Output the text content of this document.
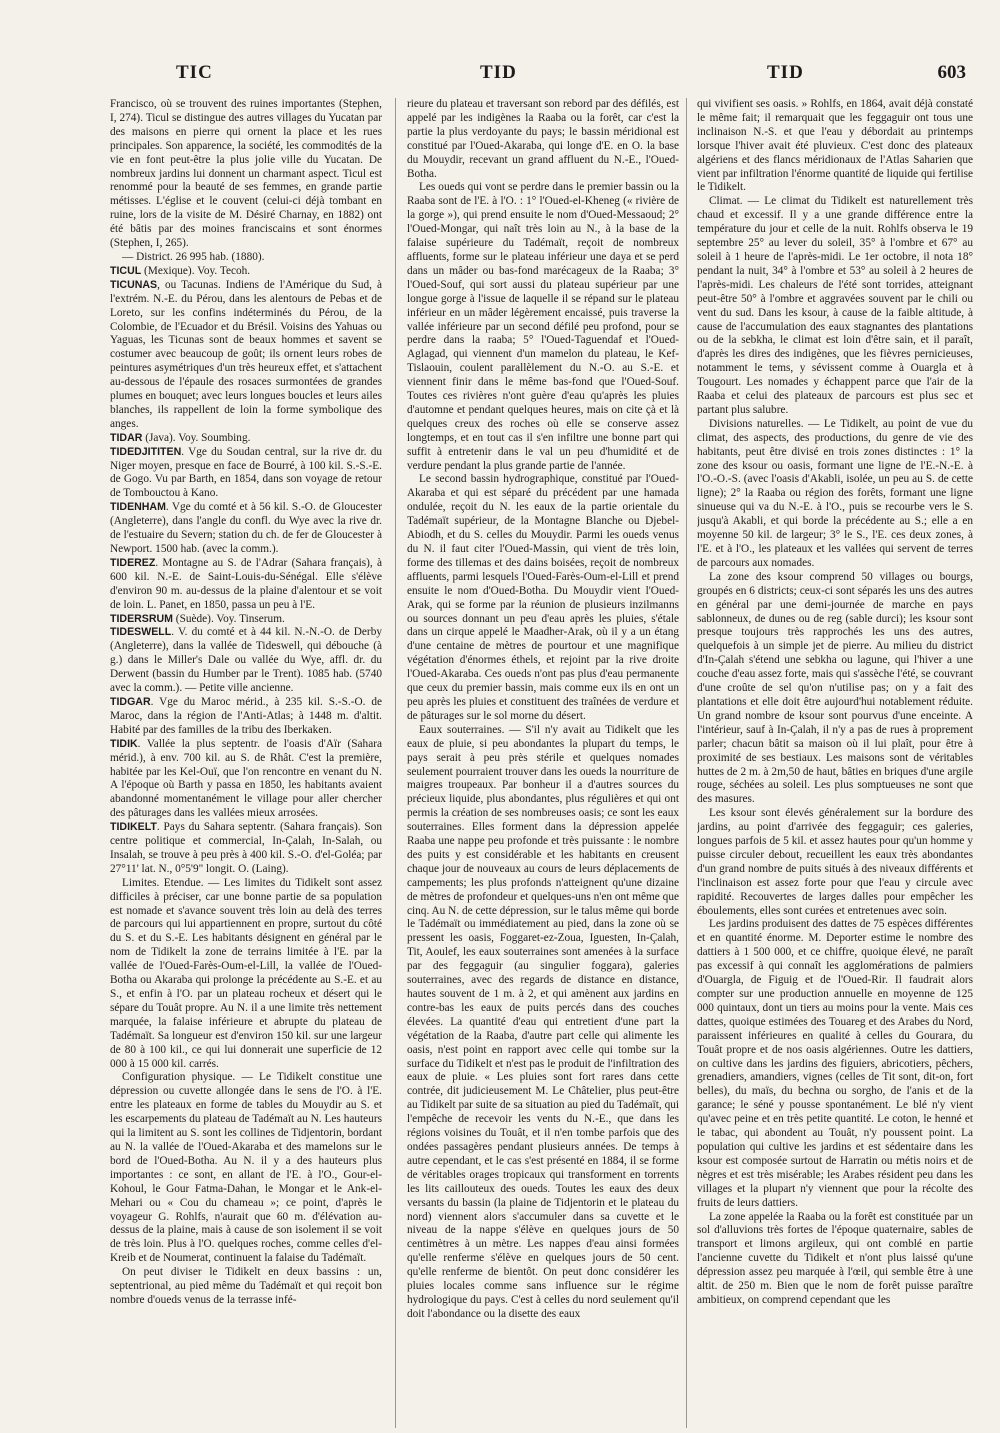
TIC	TID	TID	603

Francisco, où se trouvent des ruines importantes (Stephen, I, 274). Ticul se distingue des autres villages du Yucatan par des maisons en pierre qui ornent la place et les rues principales. Son apparence, la société, les commodités de la vie en font peut-être la plus jolie ville du Yucatan. De nombreux jardins lui donnent un charmant aspect. Ticul est renommé pour la beauté de ses femmes, en grande partie métisses. L'église et le couvent (celui-ci déjà tombant en ruine, lors de la visite de M. Désiré Charnay, en 1882) ont été bâtis par des moines franciscains et sont énormes (Stephen, I, 265).

— District. 26 995 hab. (1880).

TICUL (Mexique). Voy. Tecoh.

TICUNAS, ou Tacunas. Indiens de l'Amérique du Sud, à l'extrém. N.-E. du Pérou, dans les alentours de Pebas et de Loreto, sur les confins indéterminés du Pérou, de la Colombie, de l'Ecuador et du Brésil. Voisins des Yahuas ou Yaguas, les Ticunas sont de beaux hommes et savent se costumer avec beaucoup de goût; ils ornent leurs robes de peintures asymétriques d'un très heureux effet, et s'attachent au-dessous de l'épaule des rosaces surmontées de grandes plumes en bouquet; avec leurs longues boucles et leurs ailes blanches, ils rappellent de loin la forme symbolique des anges.

TIDAR (Java). Voy. Soumbing.

TIDEDJITITEN. Vge du Soudan central, sur la rive dr. du Niger moyen, presque en face de Bourré, à 100 kil. S.-S.-E. de Gogo. Vu par Barth, en 1854, dans son voyage de retour de Tombouctou à Kano.

TIDENHAM. Vge du comté et à 56 kil. S.-O. de Gloucester (Angleterre), dans l'angle du confl. du Wye avec la rive dr. de l'estuaire du Severn; station du ch. de fer de Gloucester à Newport. 1500 hab. (avec la comm.).

TIDEREZ. Montagne au S. de l'Adrar (Sahara français), à 600 kil. N.-E. de Saint-Louis-du-Sénégal. Elle s'élève d'environ 90 m. au-dessus de la plaine d'alentour et se voit de loin. L. Panet, en 1850, passa un peu à l'E.

TIDERSRUM (Suède). Voy. Tinserum.

TIDESWELL. V. du comté et à 44 kil. N.-N.-O. de Derby (Angleterre), dans la vallée de Tideswell, qui débouche (à g.) dans le Miller's Dale ou vallée du Wye, affl. dr. du Derwent (bassin du Humber par le Trent). 1085 hab. (5740 avec la comm.). — Petite ville ancienne.

TIDGAR. Vge du Maroc mérid., à 235 kil. S.-S.-O. de Maroc, dans la région de l'Anti-Atlas; à 1448 m. d'altit. Habité par des familles de la tribu des Iberkaken.

TIDIK. Vallée la plus septentr. de l'oasis d'Aïr (Sahara mérid.), à env. 700 kil. au S. de Rhât. C'est la première, habitée par les Kel-Ouï, que l'on rencontre en venant du N. A l'époque où Barth y passa en 1850, les habitants avaient abandonné momentanément le village pour aller chercher des pâturages dans les vallées mieux arrosées.

TIDIKELT. Pays du Sahara septentr. (Sahara français). Son centre politique et commercial, In-Çalah, In-Salah, ou Insalah, se trouve à peu près à 400 kil. S.-O. d'el-Goléa; par 27°11' lat. N., 0°5'9" longit. O. (Laing).

Limites. Etendue. — Les limites du Tidikelt sont assez difficiles à préciser, car une bonne partie de sa population est nomade et s'avance souvent très loin au delà des terres de parcours qui lui appartiennent en propre, surtout du côté du S. et du S.-E. Les habitants désignent en général par le nom de Tidikelt la zone de terrains limitée à l'E. par la vallée de l'Oued-Farès-Oum-el-Lill, la vallée de l'Oued-Botha ou Akaraba qui prolonge la précédente au S.-E. et au S., et enfin à l'O. par un plateau rocheux et désert qui le sépare du Touât propre. Au N. il a une limite très nettement marquée, la falaise inférieure et abrupte du plateau de Tadémaït. Sa longueur est d'environ 150 kil. sur une largeur de 80 à 100 kil., ce qui lui donnerait une superficie de 12 000 à 15 000 kil. carrés.

Configuration physique. — Le Tidikelt constitue une dépression ou cuvette allongée dans le sens de l'O. à l'E. entre les plateaux en forme de tables du Mouydir au S. et les escarpements du plateau de Tadémaït au N. Les hauteurs qui la limitent au S. sont les collines de Tidjentorin, bordant au N. la vallée de l'Oued-Akaraba et des mamelons sur le bord de l'Oued-Botha. Au N. il y a des hauteurs plus importantes : ce sont, en allant de l'E. à l'O., Gour-el-Kohoul, le Gour Fatma-Dahan, le Mongar et le Ank-el-Mehari ou « Cou du chameau »; ce point, d'après le voyageur G. Rohlfs, n'aurait que 60 m. d'élévation au-dessus de la plaine, mais à cause de son isolement il se voit de très loin. Plus à l'O. quelques roches, comme celles d'el-Kreib et de Noumerat, continuent la falaise du Tadémaït.

On peut diviser le Tidikelt en deux bassins : un, septentrional, au pied même du Tadémaït et qui reçoit bon nombre d'oueds venus de la terrasse infé-

rieure du plateau et traversant son rebord par des défilés, est appelé par les indigènes la Raaba ou la forêt, car c'est la partie la plus verdoyante du pays; le bassin méridional est constitué par l'Oued-Akaraba, qui longe d'E. en O. la base du Mouydir, recevant un grand affluent du N.-E., l'Oued-Botha.

Les oueds qui vont se perdre dans le premier bassin ou la Raaba sont de l'E. à l'O. : 1° l'Oued-el-Kheneg (« rivière de la gorge »), qui prend ensuite le nom d'Oued-Messaoud; 2° l'Oued-Mongar, qui naît très loin au N., à la base de la falaise supérieure du Tadémaït, reçoit de nombreux affluents, forme sur le plateau inférieur une daya et se perd dans un mâder ou bas-fond marécageux de la Raaba; 3° l'Oued-Souf, qui sort aussi du plateau supérieur par une longue gorge à l'issue de laquelle il se répand sur le plateau inférieur en un mâder légèrement encaissé, puis traverse la vallée inférieure par un second défilé peu profond, pour se perdre dans la raaba; 5° l'Oued-Taguendaf et l'Oued-Aglagad, qui viennent d'un mamelon du plateau, le Kef-Tislaouin, coulent parallèlement du N.-O. au S.-E. et viennent finir dans le même bas-fond que l'Oued-Souf. Toutes ces rivières n'ont guère d'eau qu'après les pluies d'automne et pendant quelques heures, mais on cite çà et là quelques creux des roches où elle se conserve assez longtemps, et en tout cas il s'en infiltre une bonne part qui suffit à entretenir dans le val un peu d'humidité et de verdure pendant la plus grande partie de l'année.

Le second bassin hydrographique, constitué par l'Oued-Akaraba et qui est séparé du précédent par une hamada ondulée, reçoit du N. les eaux de la partie orientale du Tadémaït supérieur, de la Montagne Blanche ou Djebel-Abiodh, et du S. celles du Mouydir. Parmi les oueds venus du N. il faut citer l'Oued-Massin, qui vient de très loin, forme des tillemas et des dains boisées, reçoit de nombreux affluents, parmi lesquels l'Oued-Farès-Oum-el-Lill et prend ensuite le nom d'Oued-Botha. Du Mouydir vient l'Oued-Arak, qui se forme par la réunion de plusieurs inzilmanns ou sources donnant un peu d'eau après les pluies, s'étale dans un cirque appelé le Maadher-Arak, où il y a un étang d'une centaine de mètres de pourtour et une magnifique végétation d'énormes éthels, et rejoint par la rive droite l'Oued-Akaraba. Ces oueds n'ont pas plus d'eau permanente que ceux du premier bassin, mais comme eux ils en ont un peu après les pluies et constituent des traînées de verdure et de pâturages sur le sol morne du désert.

Eaux souterraines. — S'il n'y avait au Tidikelt que les eaux de pluie, si peu abondantes la plupart du temps, le pays serait à peu près stérile et quelques nomades seulement pourraient trouver dans les oueds la nourriture de maigres troupeaux. Par bonheur il a d'autres sources du précieux liquide, plus abondantes, plus régulières et qui ont permis la création de ses nombreuses oasis; ce sont les eaux souterraines. Elles forment dans la dépression appelée Raaba une nappe peu profonde et très puissante : le nombre des puits y est considérable et les habitants en creusent chaque jour de nouveaux au cours de leurs déplacements de campements; les plus profonds n'atteignent qu'une dizaine de mètres de profondeur et quelques-uns n'en ont même que cinq. Au N. de cette dépression, sur le talus même qui borde le Tadémaït ou immédiatement au pied, dans la zone où se pressent les oasis, Foggaret-ez-Zoua, Iguesten, In-Çalah, Tit, Aoulef, les eaux souterraines sont amenées à la surface par des feggaguir (au singulier foggara), galeries souterraines, avec des regards de distance en distance, hautes souvent de 1 m. à 2, et qui amènent aux jardins en contre-bas les eaux de puits percés dans des couches élevées. La quantité d'eau qui entretient d'une part la végétation de la Raaba, d'autre part celle qui alimente les oasis, n'est point en rapport avec celle qui tombe sur la surface du Tidikelt et n'est pas le produit de l'infiltration des eaux de pluie. « Les pluies sont fort rares dans cette contrée, dit judicieusement M. Le Châtelier, plus peut-être au Tidikelt par suite de sa situation au pied du Tadémaït, qui l'empêche de recevoir les vents du N.-E., que dans les régions voisines du Touât, et il n'en tombe parfois que des ondées passagères pendant plusieurs années. De temps à autre cependant, et le cas s'est présenté en 1884, il se forme de véritables orages tropicaux qui transforment en torrents les lits caillouteux des oueds. Toutes les eaux des deux versants du bassin (la plaine de Tidjentorin et le plateau du nord) viennent alors s'accumuler dans sa cuvette et le niveau de la nappe s'élève en quelques jours de 50 centimètres à un mètre. Les nappes d'eau ainsi formées qu'elle renferme s'élève en quelques jours de 50 cent. qu'elle renferme de bientôt. On peut donc considérer les pluies locales comme sans influence sur le régime hydrologique du pays. C'est à celles du nord seulement qu'il doit l'abondance ou la disette des eaux

qui vivifient ses oasis. » Rohlfs, en 1864, avait déjà constaté le même fait; il remarquait que les feggaguir ont tous une inclinaison N.-S. et que l'eau y débordait au printemps lorsque l'hiver avait été pluvieux. C'est donc des plateaux algériens et des flancs méridionaux de l'Atlas Saharien que vient par infiltration l'énorme quantité de liquide qui fertilise le Tidikelt.

Climat. — Le climat du Tidikelt est naturellement très chaud et excessif. Il y a une grande différence entre la température du jour et celle de la nuit. Rohlfs observa le 19 septembre 25° au lever du soleil, 35° à l'ombre et 67° au soleil à 1 heure de l'après-midi. Le 1er octobre, il nota 18° pendant la nuit, 34° à l'ombre et 53° au soleil à 2 heures de l'après-midi. Les chaleurs de l'été sont torrides, atteignant peut-être 50° à l'ombre et aggravées souvent par le chili ou vent du sud. Dans les ksour, à cause de la faible altitude, à cause de l'accumulation des eaux stagnantes des plantations ou de la sebkha, le climat est loin d'être sain, et il paraît, d'après les dires des indigènes, que les fièvres pernicieuses, notamment le tems, y sévissent comme à Ouargla et à Tougourt. Les nomades y échappent parce que l'air de la Raaba et celui des plateaux de parcours est plus sec et partant plus salubre.

Divisions naturelles. — Le Tidikelt, au point de vue du climat, des aspects, des productions, du genre de vie des habitants, peut être divisé en trois zones distinctes : 1° la zone des ksour ou oasis, formant une ligne de l'E.-N.-E. à l'O.-O.-S. (avec l'oasis d'Akabli, isolée, un peu au S. de cette ligne); 2° la Raaba ou région des forêts, formant une ligne sinueuse qui va du N.-E. à l'O., puis se recourbe vers le S. jusqu'à Akabli, et qui borde la précédente au S.; elle a en moyenne 50 kil. de largeur; 3° le S., l'E. ces deux zones, à l'E. et à l'O., les plateaux et les vallées qui servent de terres de parcours aux nomades.

La zone des ksour comprend 50 villages ou bourgs, groupés en 6 districts; ceux-ci sont séparés les uns des autres en général par une demi-journée de marche en pays sablonneux, de dunes ou de reg (sable durci); les ksour sont presque toujours très rapprochés les uns des autres, quelquefois à un simple jet de pierre. Au milieu du district d'In-Çalah s'étend une sebkha ou lagune, qui l'hiver a une couche d'eau assez forte, mais qui s'assèche l'été, se couvrant d'une croûte de sel qu'on n'utilise pas; on y a fait des plantations et elle doit être aujourd'hui notablement réduite. Un grand nombre de ksour sont pourvus d'une enceinte. A l'intérieur, sauf à In-Çalah, il n'y a pas de rues à proprement parler; chacun bâtit sa maison où il lui plaît, pour être à proximité de ses bestiaux. Les maisons sont de véritables huttes de 2 m. à 2m,50 de haut, bâties en briques d'une argile rouge, séchées au soleil. Les plus somptueuses ne sont que des masures.

Les ksour sont élevés généralement sur la bordure des jardins, au point d'arrivée des feggaguir; ces galeries, longues parfois de 5 kil. et assez hautes pour qu'un homme y puisse circuler debout, recueillent les eaux très abondantes d'un grand nombre de puits situés à des niveaux différents et l'inclinaison est assez forte pour que l'eau y circule avec rapidité. Recouvertes de larges dalles pour empêcher les éboulements, elles sont curées et entretenues avec soin.

Les jardins produisent des dattes de 75 espèces différentes et en quantité énorme. M. Deporter estime le nombre des dattiers à 1 500 000, et ce chiffre, quoique élevé, ne paraît pas excessif à qui connaît les agglomérations de palmiers d'Ouargla, de Figuig et de l'Oued-Rir. Il faudrait alors compter sur une production annuelle en moyenne de 125 000 quintaux, dont un tiers au moins pour la vente. Mais ces dattes, quoique estimées des Touareg et des Arabes du Nord, paraissent inférieures en qualité à celles du Gourara, du Touât propre et de nos oasis algériennes. Outre les dattiers, on cultive dans les jardins des figuiers, abricotiers, pêchers, grenadiers, amandiers, vignes (celles de Tit sont, dit-on, fort belles), du maïs, du bechna ou sorgho, de l'anis et de la garance; le séné y pousse spontanément. Le blé n'y vient qu'avec peine et en très petite quantité. Le coton, le henné et le tabac, qui abondent au Touât, n'y poussent point. La population qui cultive les jardins et est sédentaire dans les ksour est composée surtout de Harratin ou métis noirs et de nègres et est très misérable; les Arabes résident peu dans les villages et la plupart n'y viennent que pour la récolte des fruits de leurs dattiers.

La zone appelée la Raaba ou la forêt est constituée par un sol d'alluvions très fortes de l'époque quaternaire, sables de transport et limons argileux, qui ont comblé en partie l'ancienne cuvette du Tidikelt et n'ont plus laissé qu'une dépression assez peu marquée à l'œil, qui semble être à une altit. de 250 m. Bien que le nom de forêt puisse paraître ambitieux, on comprend cependant que les
